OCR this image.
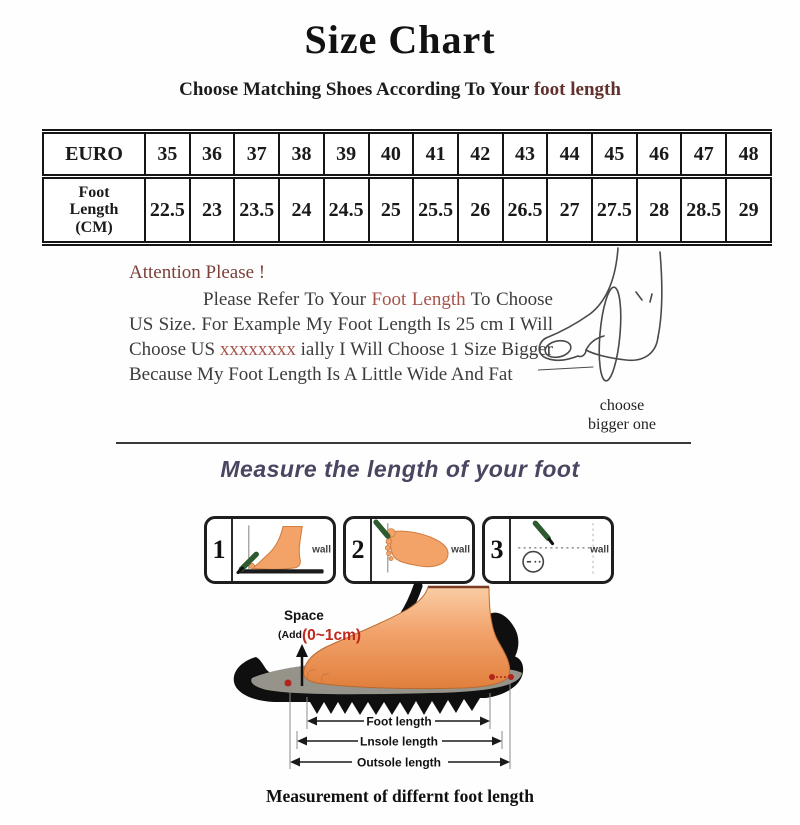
Size Chart
Choose Matching Shoes According To Your foot length
EURO	35	36	37	38	39	40	41	42	43	44	45	46	47	48

Foot
Length
(CM)	22.5	23	23.5	24	24.5	25	25.5	26	26.5	27	27.5	28	28.5	29
Attention Please !
Please Refer To Your Foot Length To Choose US Size. For Example My Foot Length Is 25 cm I Will Choose US xxxxxxxx ially I Will Choose 1 Size Bigger Because My Foot Length Is A Little Wide And Fat
choose
bigger one
Measure the length of your foot
1	wall 2	wall 3	wall
Space
(Add (0~1cm)
Foot length
Lnsole length
Outsole length
Measurement of differnt foot length
